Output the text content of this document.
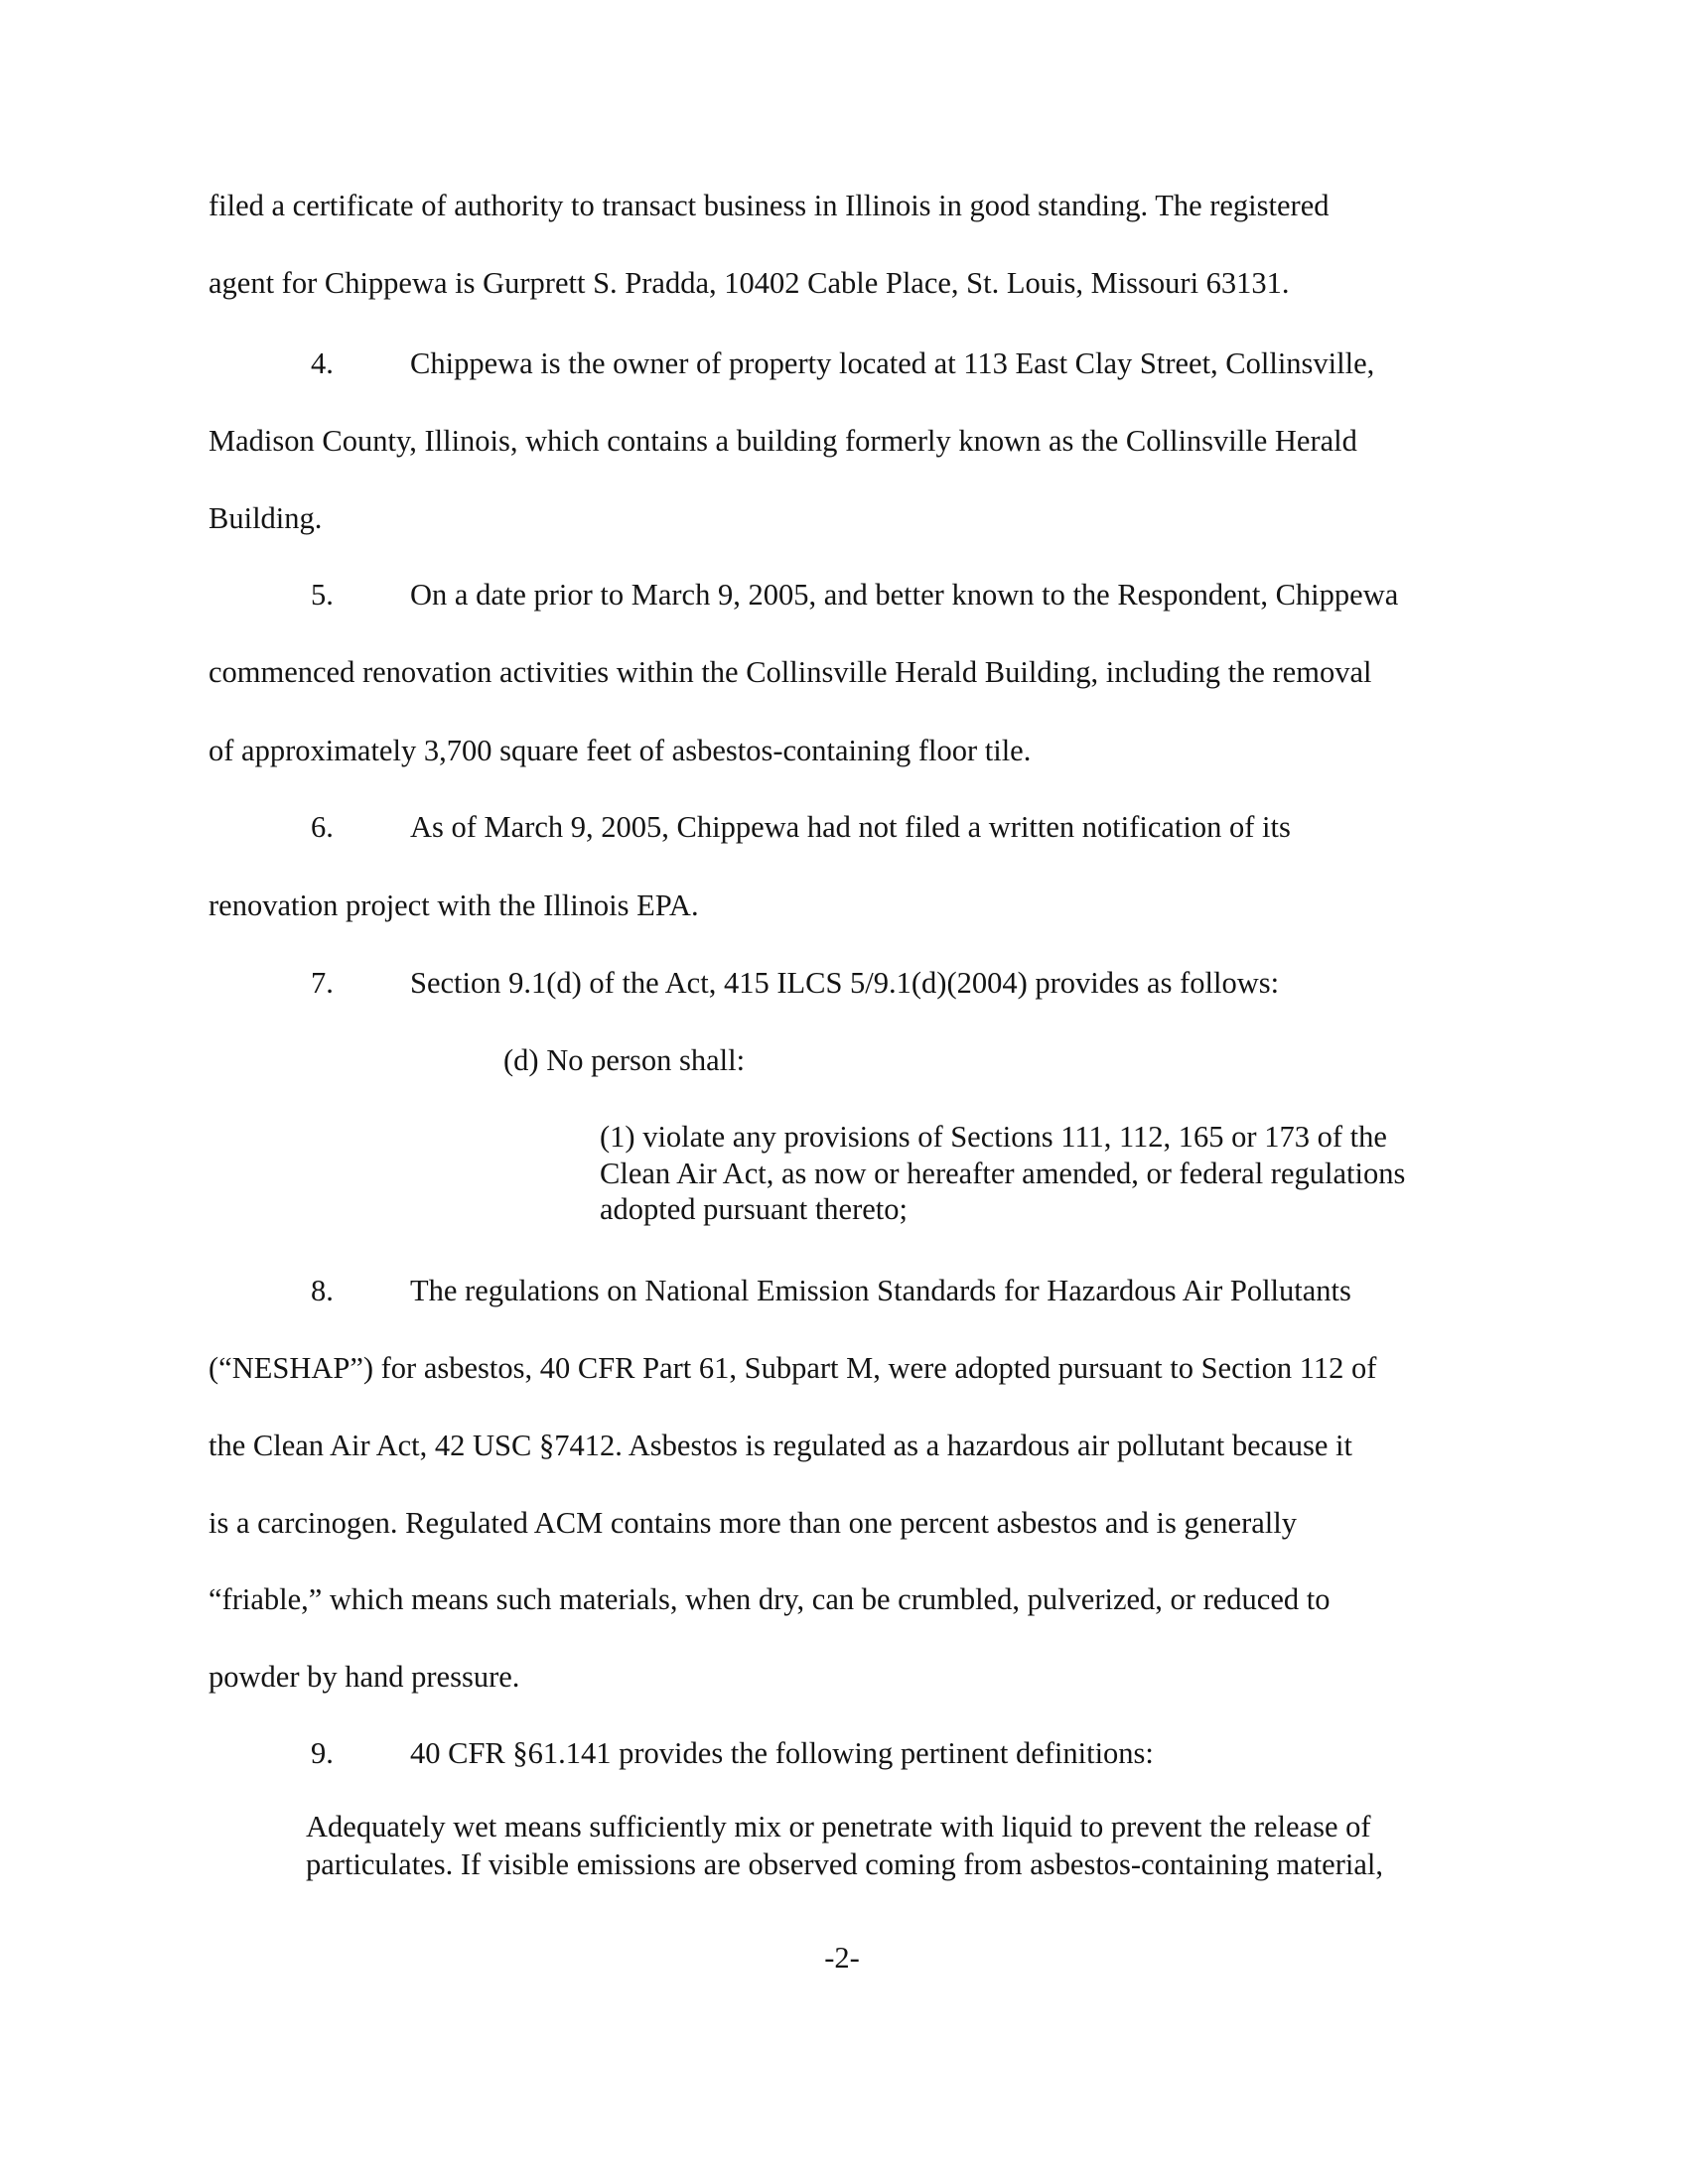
filed a certificate of authority to transact business in Illinois in good standing. The registered
agent for Chippewa is Gurprett S. Pradda, 10402 Cable Place, St. Louis, Missouri 63131.
4.	Chippewa is the owner of property located at 113 East Clay Street, Collinsville,
Madison County, Illinois, which contains a building formerly known as the Collinsville Herald
Building.
5.	On a date prior to March 9, 2005, and better known to the Respondent, Chippewa
commenced renovation activities within the Collinsville Herald Building, including the removal
of approximately 3,700 square feet of asbestos-containing floor tile.
6.	As of March 9, 2005, Chippewa had not filed a written notification of its
renovation project with the Illinois EPA.
7.	Section 9.1(d) of the Act, 415 ILCS 5/9.1(d)(2004) provides as follows:
(d) No person shall:
(1) violate any provisions of Sections 111, 112, 165 or 173 of the
Clean Air Act, as now or hereafter amended, or federal regulations
adopted pursuant thereto;
8.	The regulations on National Emission Standards for Hazardous Air Pollutants
(“NESHAP”) for asbestos, 40 CFR Part 61, Subpart M, were adopted pursuant to Section 112 of
the Clean Air Act, 42 USC §7412. Asbestos is regulated as a hazardous air pollutant because it
is a carcinogen. Regulated ACM contains more than one percent asbestos and is generally
“friable,” which means such materials, when dry, can be crumbled, pulverized, or reduced to
powder by hand pressure.
9.	40 CFR §61.141 provides the following pertinent definitions:
Adequately wet means sufficiently mix or penetrate with liquid to prevent the release of
particulates. If visible emissions are observed coming from asbestos-containing material,
-2-
